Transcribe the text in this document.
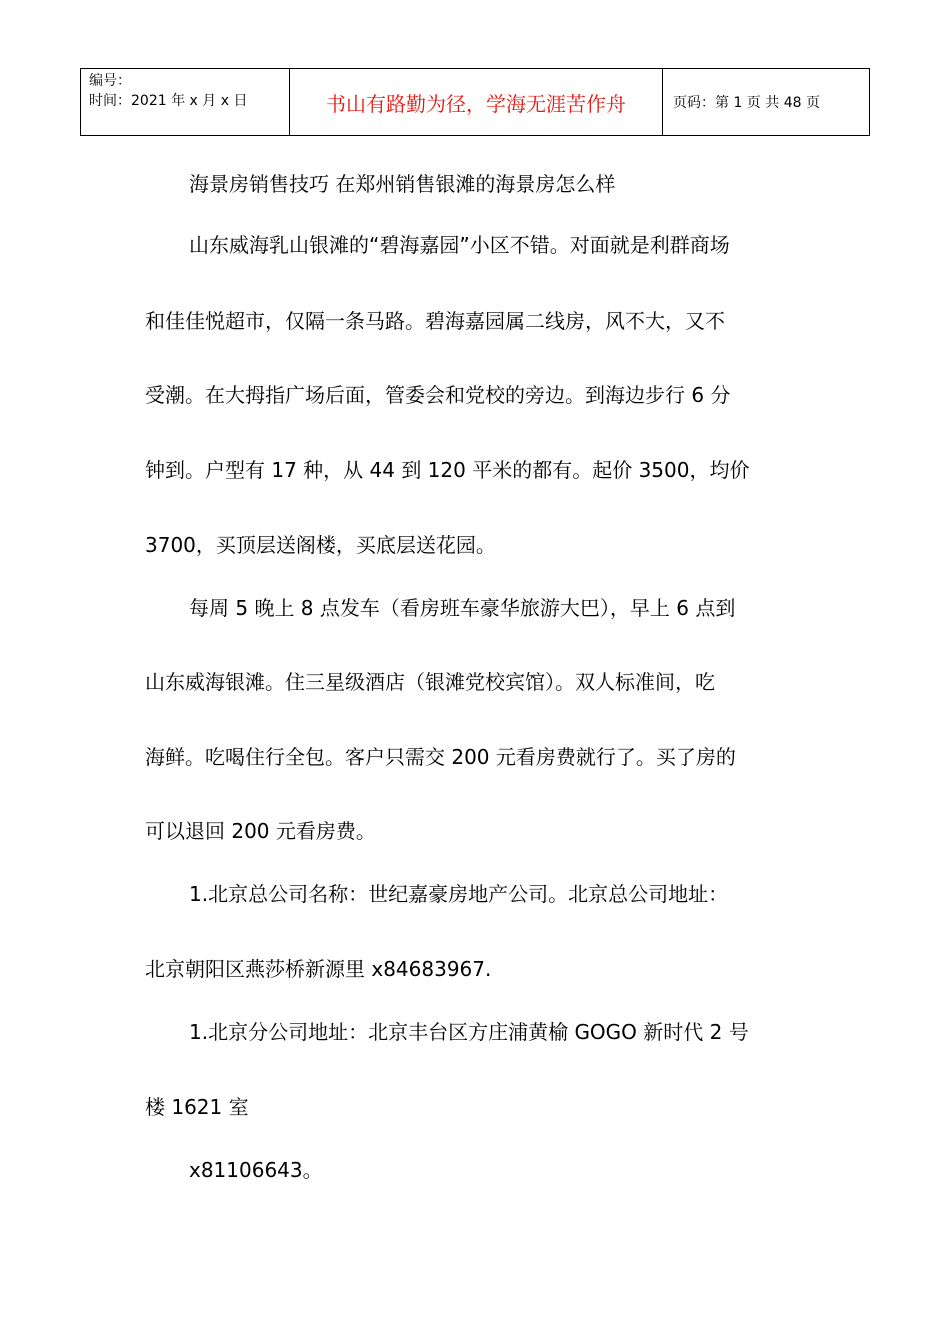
编号：
时间：2021 年 x 月 x 日	书山有路勤为径，学海无涯苦作舟	页码：第 1 页 共 48 页
海景房销售技巧 在郑州销售银滩的海景房怎么样
山东威海乳山银滩的“碧海嘉园”小区不错。对面就是利群商场
和佳佳悦超市，仅隔一条马路。碧海嘉园属二线房，风不大，又不
受潮。在大拇指广场后面，管委会和党校的旁边。到海边步行 6 分
钟到。户型有 17 种，从 44 到 120 平米的都有。起价 3500，均价
3700，买顶层送阁楼，买底层送花园。
每周 5 晚上 8 点发车（看房班车豪华旅游大巴），早上 6 点到
山东威海银滩。住三星级酒店（银滩党校宾馆）。双人标准间，吃
海鲜。吃喝住行全包。客户只需交 200 元看房费就行了。买了房的
可以退回 200 元看房费。
1.北京总公司名称：世纪嘉豪房地产公司。北京总公司地址：
北京朝阳区燕莎桥新源里 x84683967.
1.北京分公司地址：北京丰台区方庄浦黄榆 GOGO 新时代 2 号
楼 1621 室
x81106643。
